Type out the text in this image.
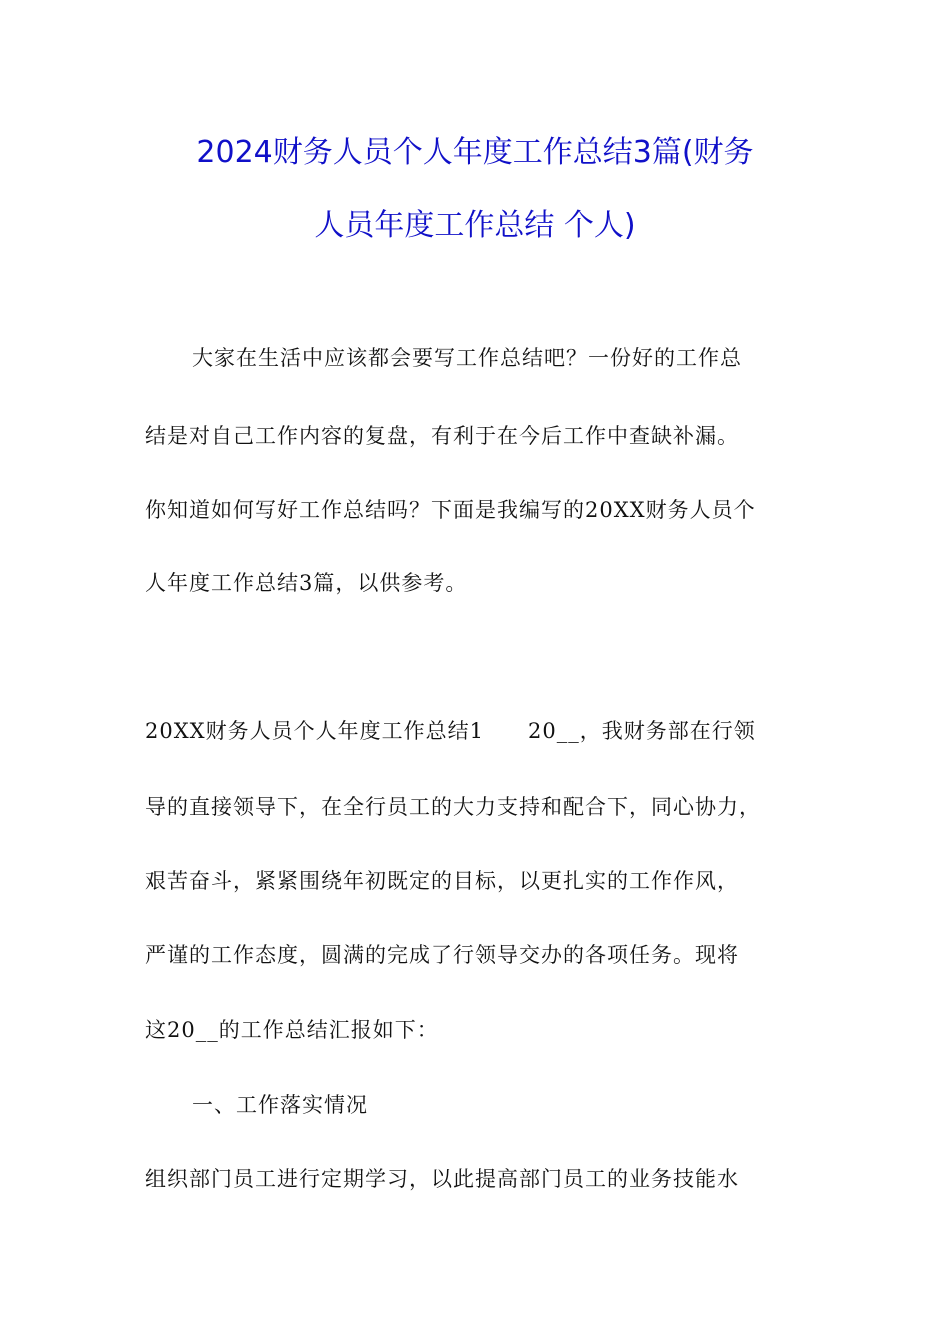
2024财务人员个人年度工作总结3篇(财务
人员年度工作总结 个人)
大家在生活中应该都会要写工作总结吧？一份好的工作总
结是对自己工作内容的复盘，有利于在今后工作中查缺补漏。
你知道如何写好工作总结吗？下面是我编写的20XX财务人员个
人年度工作总结3篇，以供参考。
20XX财务人员个人年度工作总结1　　20__，我财务部在行领
导的直接领导下，在全行员工的大力支持和配合下，同心协力，
艰苦奋斗，紧紧围绕年初既定的目标，以更扎实的工作作风，
严谨的工作态度，圆满的完成了行领导交办的各项任务。现将
这20__的工作总结汇报如下：
一、工作落实情况
组织部门员工进行定期学习，以此提高部门员工的业务技能水
